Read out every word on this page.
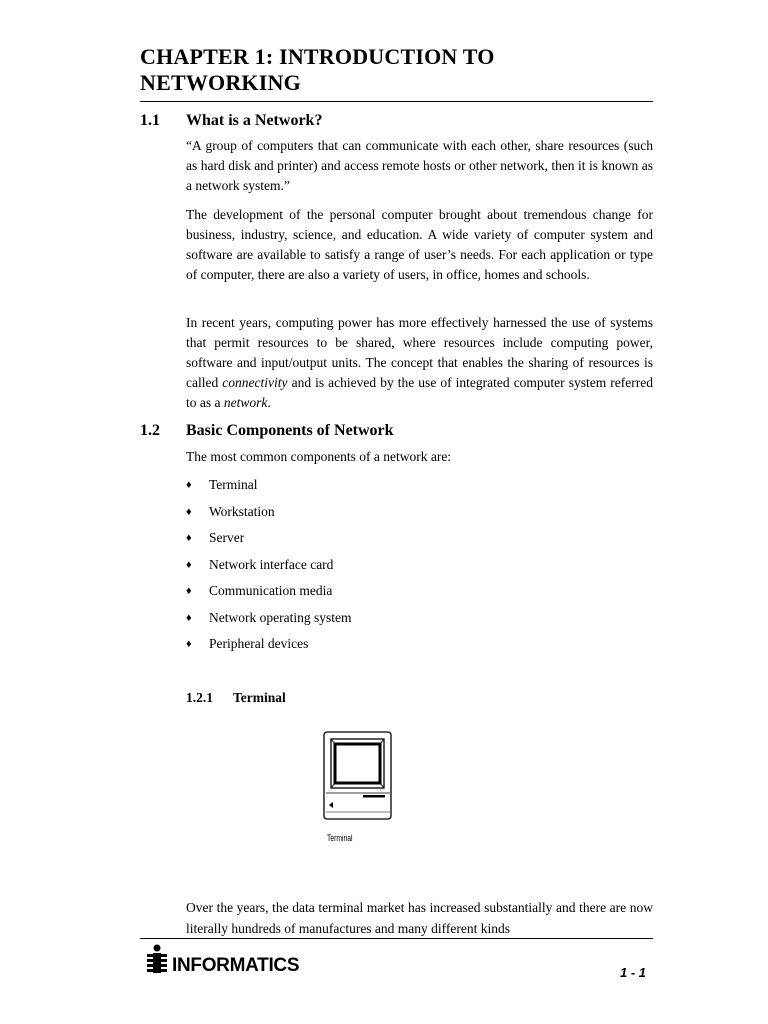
CHAPTER 1: INTRODUCTION TO NETWORKING
1.1 What is a Network?

“A group of computers that can communicate with each other, share resources (such as hard disk and printer) and access remote hosts or other network, then it is known as a network system.”

The development of the personal computer brought about tremendous change for business, industry, science, and education. A wide variety of computer system and software are available to satisfy a range of user’s needs. For each application or type of computer, there are also a variety of users, in office, homes and schools.

In recent years, computing power has more effectively harnessed the use of systems that permit resources to be shared, where resources include computing power, software and input/output units. The concept that enables the sharing of resources is called connectivity and is achieved by the use of integrated computer system referred to as a network.

1.2 Basic Components of Network

The most common components of a network are:

♦ Terminal
♦ Workstation
♦ Server
♦ Network interface card
♦ Communication media
♦ Network operating system
♦ Peripheral devices
1.2.1 Terminal
Terminal

Over the years, the data terminal market has increased substantially and there are now literally hundreds of manufactures and many different kinds

INFORMATICS	1 - 1
